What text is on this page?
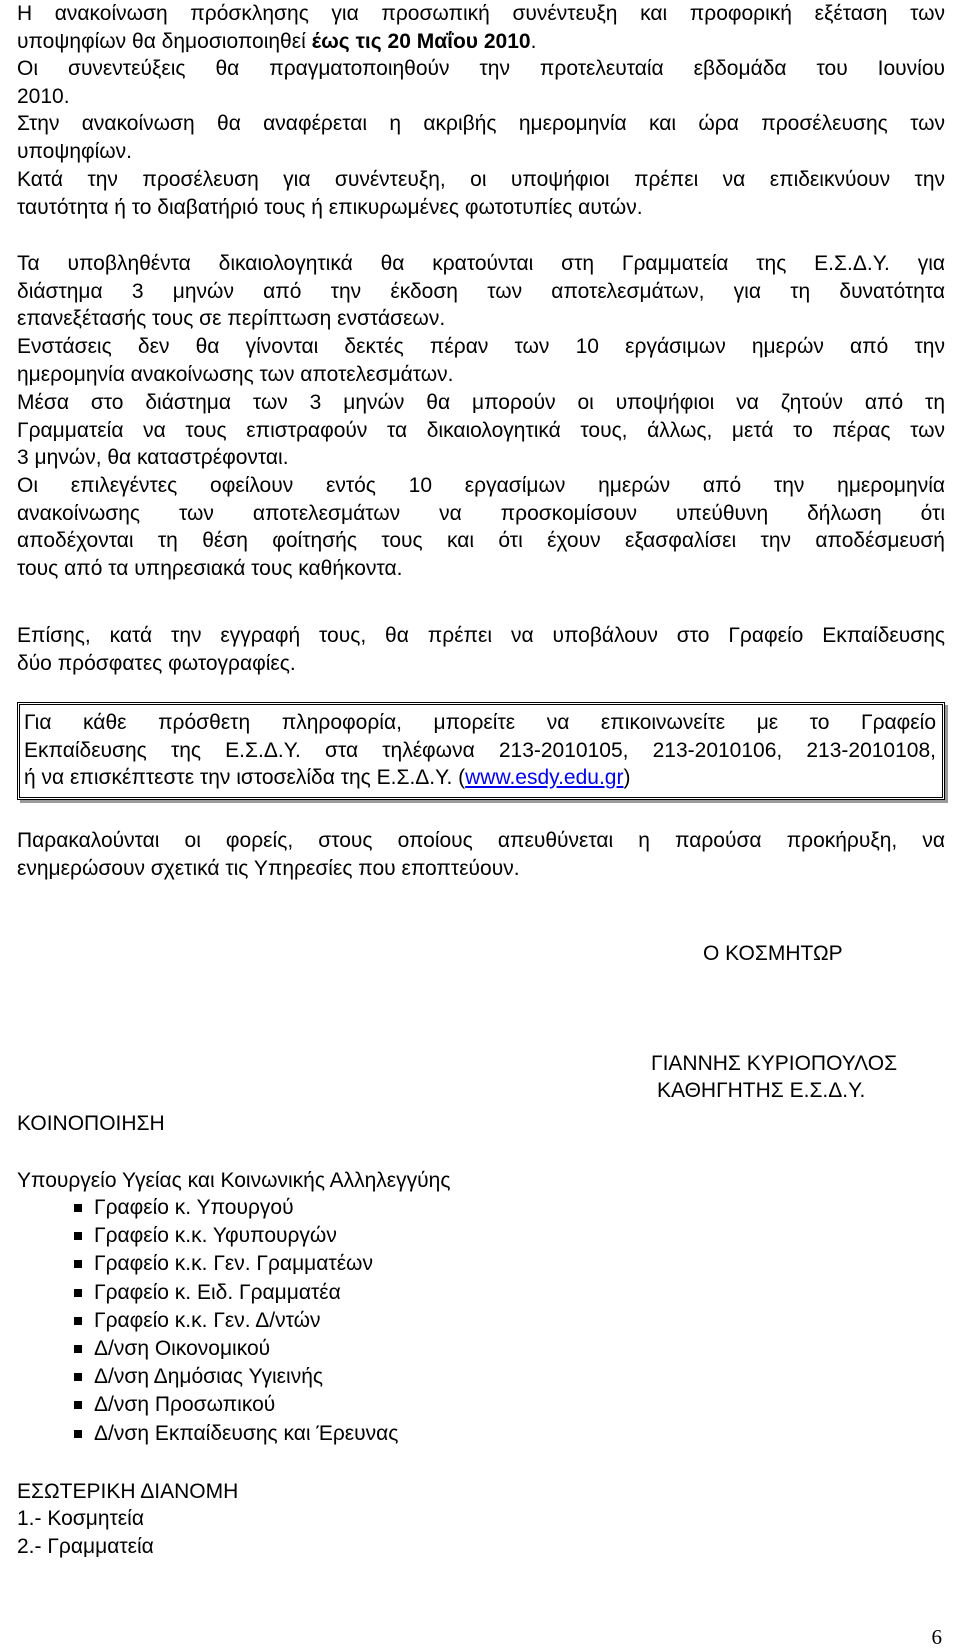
Η ανακοίνωση πρόσκλησης για προσωπική συνέντευξη και προφορική εξέταση των
υποψηφίων θα δημοσιοποιηθεί έως τις 20 Μαΐου 2010.
Οι συνεντεύξεις θα πραγματοποιηθούν την προτελευταία εβδομάδα του Ιουνίου
2010.
Στην ανακοίνωση θα αναφέρεται η ακριβής ημερομηνία και ώρα προσέλευσης των
υποψηφίων.
Κατά την προσέλευση για συνέντευξη, οι υποψήφιοι πρέπει να επιδεικνύουν την
ταυτότητα ή το διαβατήριό τους ή επικυρωμένες φωτοτυπίες αυτών.
Τα υποβληθέντα δικαιολογητικά θα κρατούνται στη Γραμματεία της Ε.Σ.Δ.Υ. για
διάστημα 3 μηνών από την έκδοση των αποτελεσμάτων, για τη δυνατότητα
επανεξέτασής τους σε περίπτωση ενστάσεων.
Ενστάσεις δεν θα γίνονται δεκτές πέραν των 10 εργάσιμων ημερών από την
ημερομηνία ανακοίνωσης των αποτελεσμάτων.
Μέσα στο διάστημα των 3 μηνών θα μπορούν οι υποψήφιοι να ζητούν από τη
Γραμματεία να τους επιστραφούν τα δικαιολογητικά τους, άλλως, μετά το πέρας των
3 μηνών, θα καταστρέφονται.
Οι επιλεγέντες οφείλουν εντός 10 εργασίμων ημερών από την ημερομηνία
ανακοίνωσης των αποτελεσμάτων να προσκομίσουν υπεύθυνη δήλωση ότι
αποδέχονται τη θέση φοίτησής τους και ότι έχουν εξασφαλίσει την αποδέσμευσή
τους από τα υπηρεσιακά τους καθήκοντα.
Επίσης, κατά την εγγραφή τους, θα πρέπει να υποβάλουν στο Γραφείο Εκπαίδευσης
δύο πρόσφατες φωτογραφίες.
Για κάθε πρόσθετη πληροφορία, μπορείτε να επικοινωνείτε με το Γραφείο
Εκπαίδευσης της Ε.Σ.Δ.Υ. στα τηλέφωνα 213-2010105, 213-2010106, 213-2010108,
ή να επισκέπτεστε την ιστοσελίδα της Ε.Σ.Δ.Υ. (www.esdy.edu.gr)
Παρακαλούνται οι φορείς, στους οποίους απευθύνεται η παρούσα προκήρυξη, να
ενημερώσουν σχετικά τις Υπηρεσίες που εποπτεύουν.
Ο ΚΟΣΜΗΤΩΡ
ΓΙΑΝΝΗΣ ΚΥΡΙΟΠΟΥΛΟΣ
ΚΑΘΗΓΗΤΗΣ Ε.Σ.Δ.Υ.
ΚΟΙΝΟΠΟΙΗΣΗ
Υπουργείο Υγείας και Κοινωνικής Αλληλεγγύης
Γραφείο κ. Υπουργού
Γραφείο κ.κ. Υφυπουργών
Γραφείο κ.κ. Γεν. Γραμματέων
Γραφείο κ. Ειδ. Γραμματέα
Γραφείο κ.κ. Γεν. Δ/ντών
Δ/νση Οικονομικού
Δ/νση Δημόσιας Υγιεινής
Δ/νση Προσωπικού
Δ/νση Εκπαίδευσης και Έρευνας
ΕΣΩΤΕΡΙΚΗ ΔΙΑΝΟΜΗ
1.- Κοσμητεία
2.- Γραμματεία
6
